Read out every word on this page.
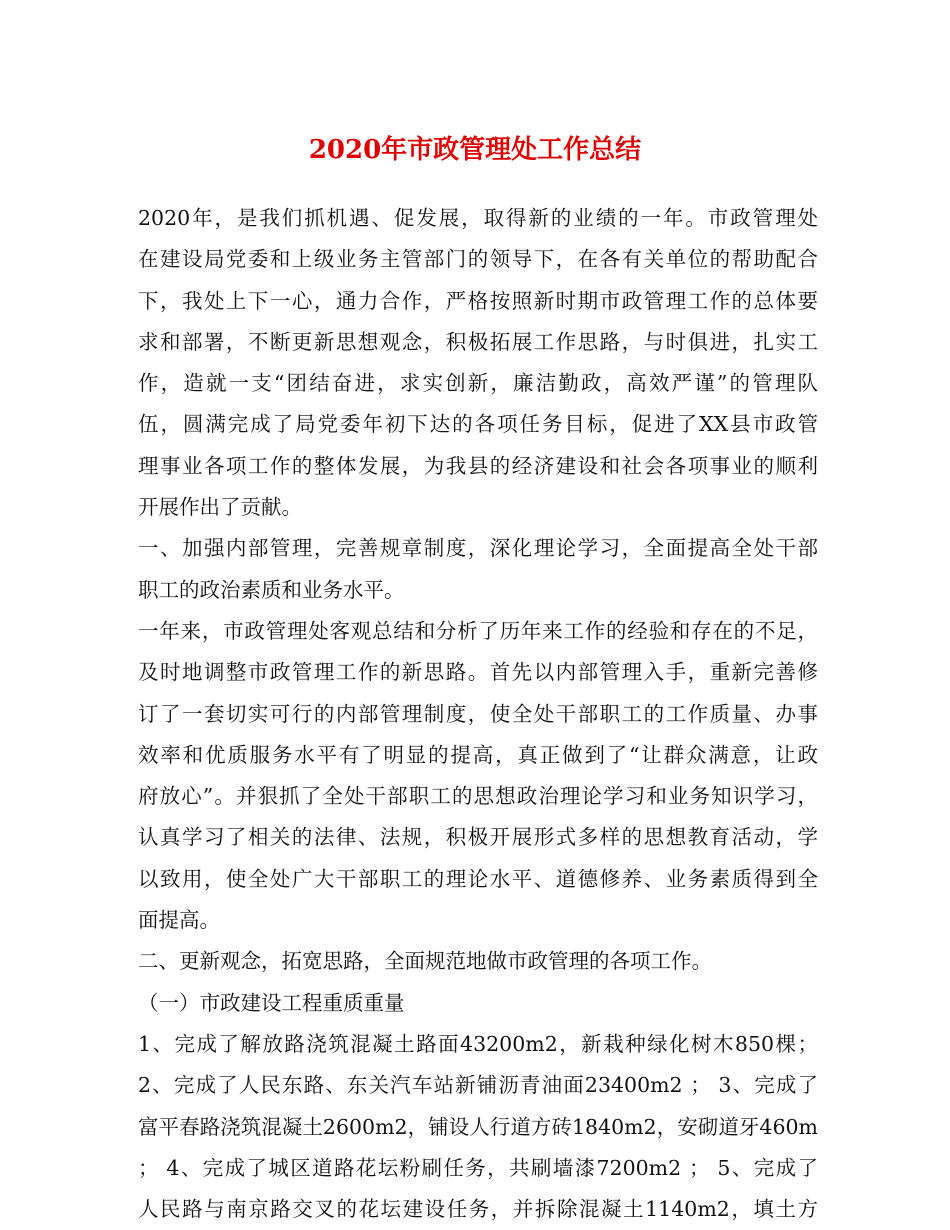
2020年市政管理处工作总结
2020年，是我们抓机遇、促发展，取得新的业绩的一年。市政管理处
在建设局党委和上级业务主管部门的领导下，在各有关单位的帮助配合
下，我处上下一心，通力合作，严格按照新时期市政管理工作的总体要
求和部署，不断更新思想观念，积极拓展工作思路，与时俱进，扎实工
作，造就一支“团结奋进，求实创新，廉洁勤政，高效严谨”的管理队
伍，圆满完成了局党委年初下达的各项任务目标，促进了XX县市政管
理事业各项工作的整体发展，为我县的经济建设和社会各项事业的顺利
开展作出了贡献。
一、加强内部管理，完善规章制度，深化理论学习，全面提高全处干部
职工的政治素质和业务水平。
一年来，市政管理处客观总结和分析了历年来工作的经验和存在的不足，
及时地调整市政管理工作的新思路。首先以内部管理入手，重新完善修
订了一套切实可行的内部管理制度，使全处干部职工的工作质量、办事
效率和优质服务水平有了明显的提高，真正做到了“让群众满意，让政
府放心”。并狠抓了全处干部职工的思想政治理论学习和业务知识学习，
认真学习了相关的法律、法规，积极开展形式多样的思想教育活动，学
以致用，使全处广大干部职工的理论水平、道德修养、业务素质得到全
面提高。
二、更新观念，拓宽思路，全面规范地做市政管理的各项工作。
（一）市政建设工程重质重量
1、完成了解放路浇筑混凝土路面43200m2，新栽种绿化树木850棵；
2、完成了人民东路、东关汽车站新铺沥青油面23400m2 ； 3、完成了
富平春路浇筑混凝土2600m2，铺设人行道方砖1840m2，安砌道牙460m
； 4、完成了城区道路花坛粉刷任务，共刷墙漆7200m2 ； 5、完成了
人民路与南京路交叉的花坛建设任务，并拆除混凝土1140m2，填土方
